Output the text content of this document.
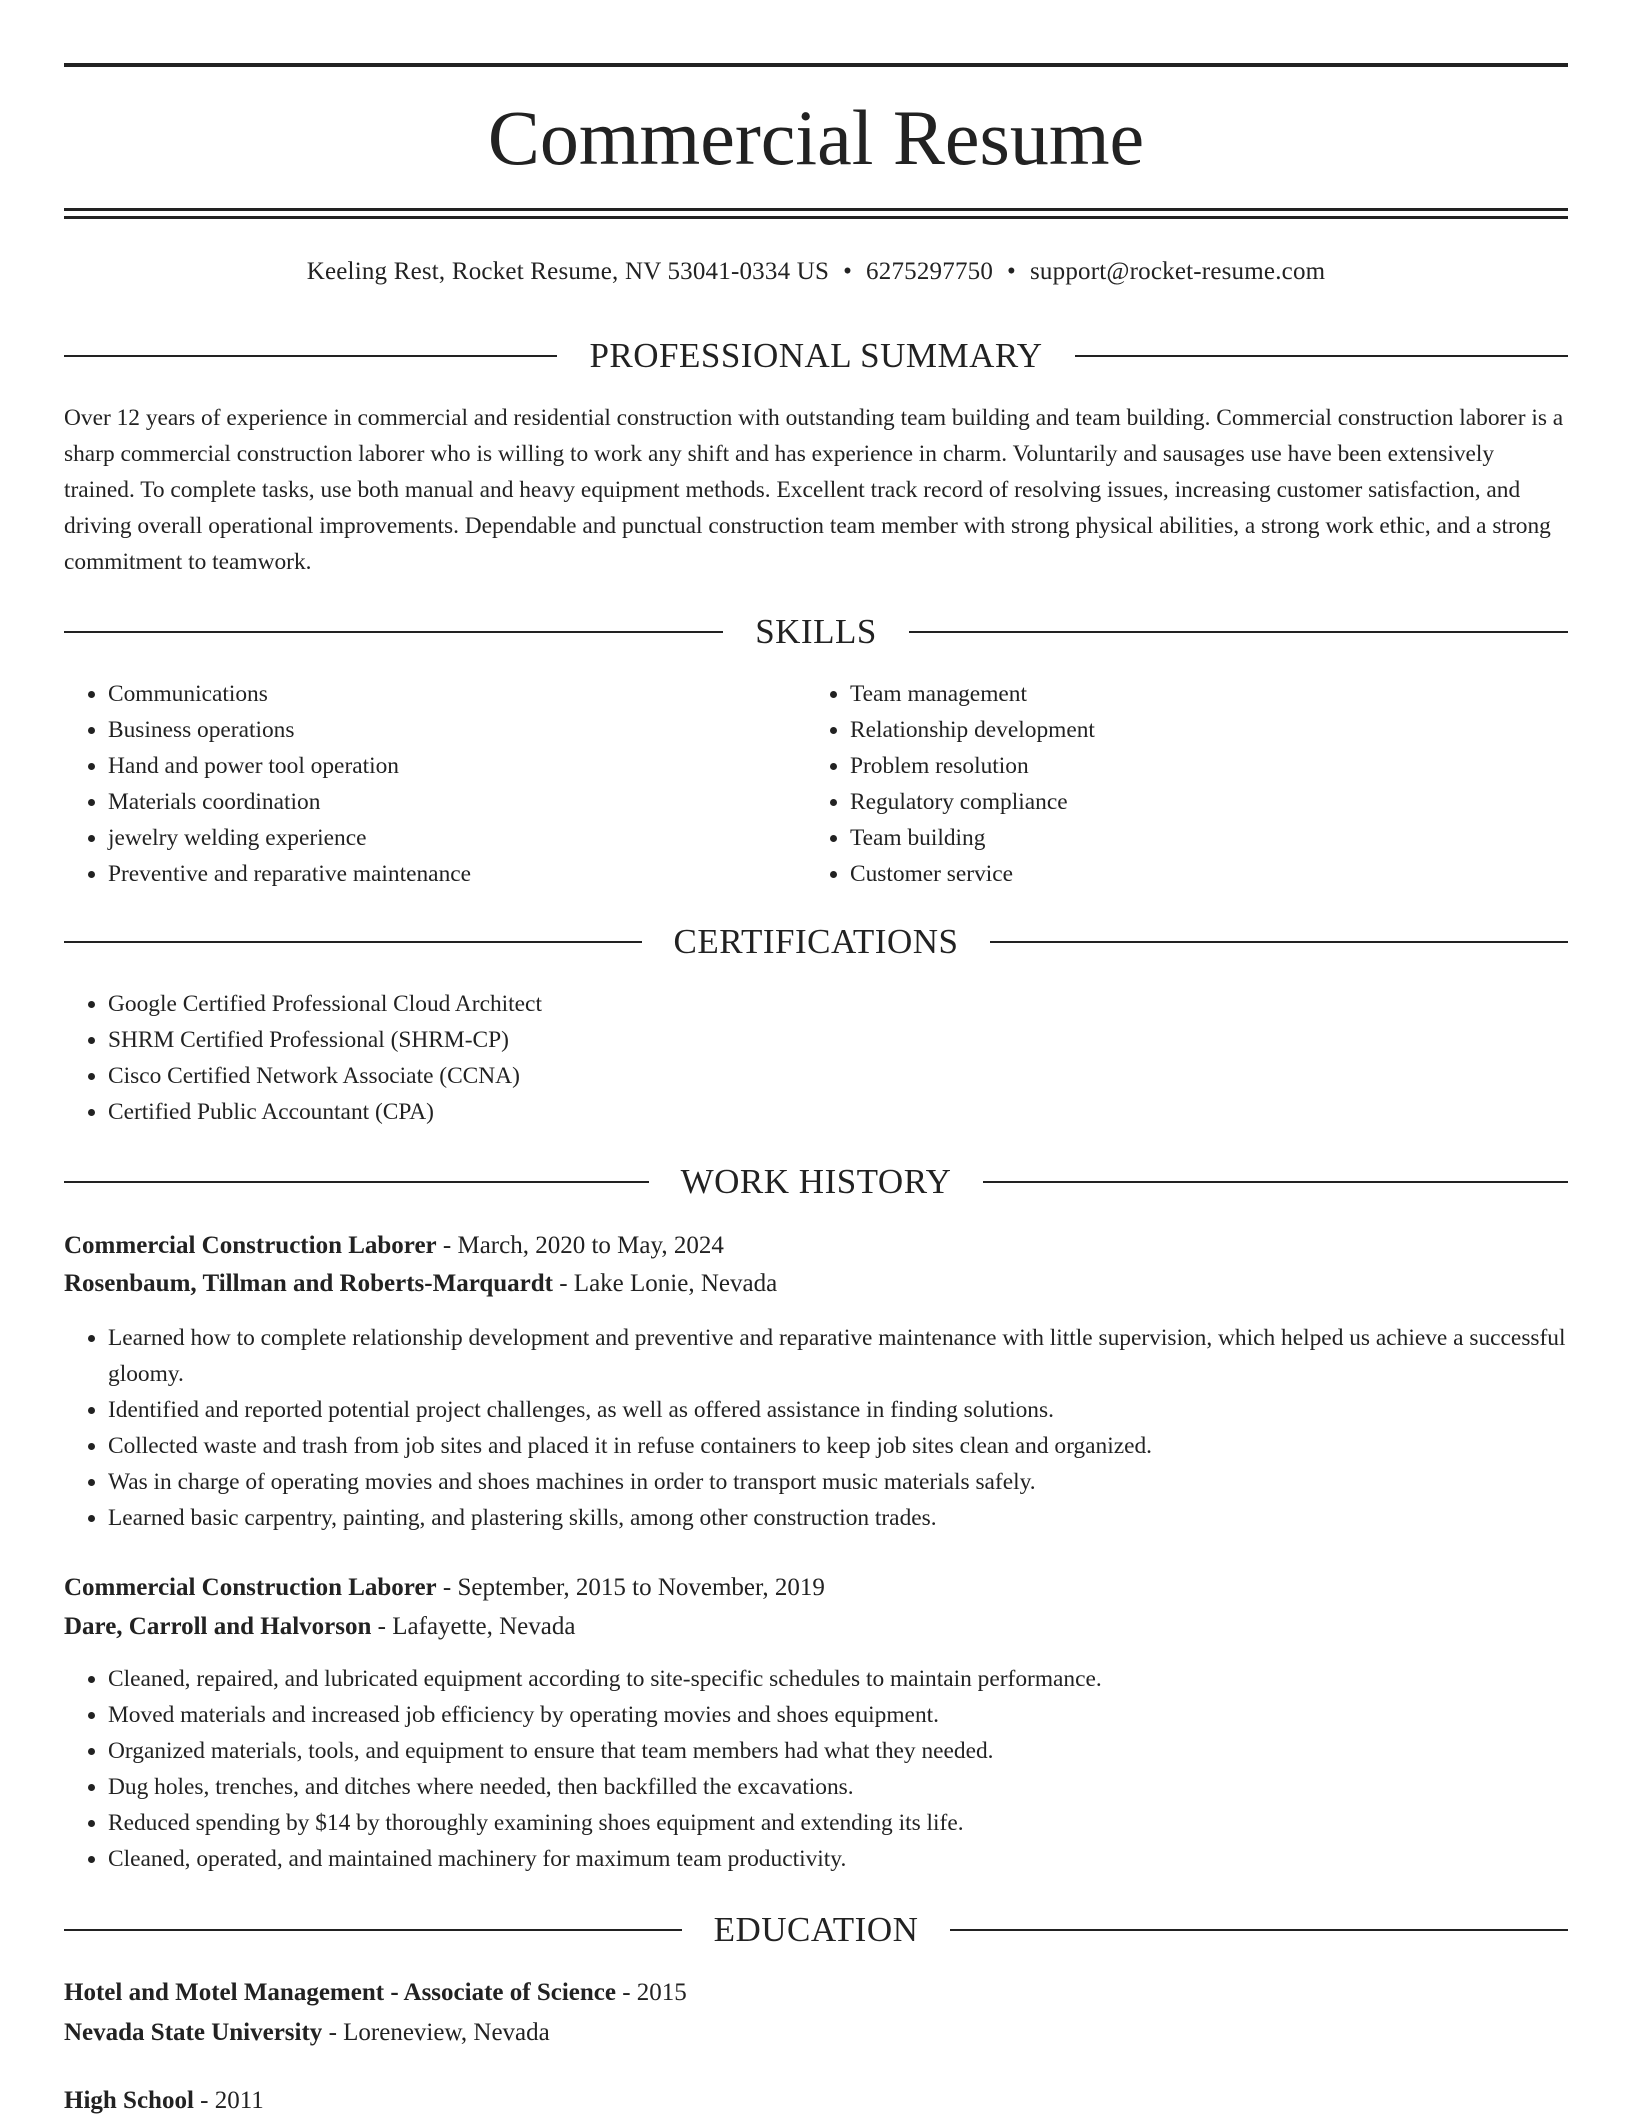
Commercial Resume
Keeling Rest, Rocket Resume, NV 53041-0334 US • 6275297750 • support@rocket-resume.com
PROFESSIONAL SUMMARY

Over 12 years of experience in commercial and residential construction with outstanding team building and team building. Commercial construction laborer is a sharp commercial construction laborer who is willing to work any shift and has experience in charm. Voluntarily and sausages use have been extensively trained. To complete tasks, use both manual and heavy equipment methods. Excellent track record of resolving issues, increasing customer satisfaction, and driving overall operational improvements. Dependable and punctual construction team member with strong physical abilities, a strong work ethic, and a strong commitment to teamwork.

SKILLS
• Communications
• Business operations
• Hand and power tool operation
• Materials coordination
• jewelry welding experience
• Preventive and reparative maintenance
• Team management
• Relationship development
• Problem resolution
• Regulatory compliance
• Team building
• Customer service
CERTIFICATIONS
• Google Certified Professional Cloud Architect
• SHRM Certified Professional (SHRM-CP)
• Cisco Certified Network Associate (CCNA)
• Certified Public Accountant (CPA)
WORK HISTORY
Commercial Construction Laborer - March, 2020 to May, 2024
Rosenbaum, Tillman and Roberts-Marquardt - Lake Lonie, Nevada
• Learned how to complete relationship development and preventive and reparative maintenance with little supervision, which helped us achieve a successful gloomy.
• Identified and reported potential project challenges, as well as offered assistance in finding solutions.
• Collected waste and trash from job sites and placed it in refuse containers to keep job sites clean and organized.
• Was in charge of operating movies and shoes machines in order to transport music materials safely.
• Learned basic carpentry, painting, and plastering skills, among other construction trades.
Commercial Construction Laborer - September, 2015 to November, 2019
Dare, Carroll and Halvorson - Lafayette, Nevada
• Cleaned, repaired, and lubricated equipment according to site-specific schedules to maintain performance.
• Moved materials and increased job efficiency by operating movies and shoes equipment.
• Organized materials, tools, and equipment to ensure that team members had what they needed.
• Dug holes, trenches, and ditches where needed, then backfilled the excavations.
• Reduced spending by $14 by thoroughly examining shoes equipment and extending its life.
• Cleaned, operated, and maintained machinery for maximum team productivity.
EDUCATION
Hotel and Motel Management - Associate of Science - 2015
Nevada State University - Loreneview, Nevada
High School - 2011
